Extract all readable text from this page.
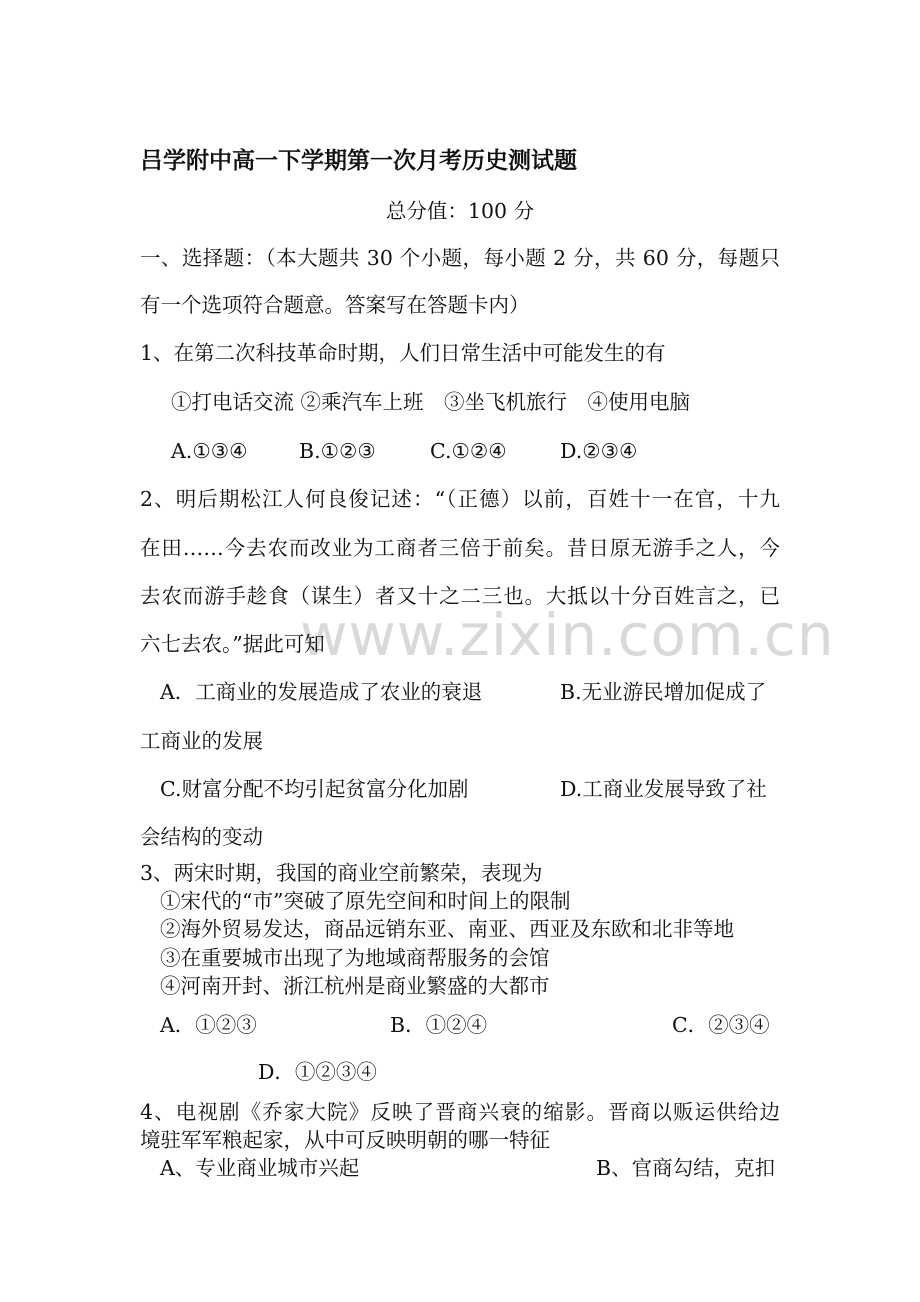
www.zixin.com.cn
吕学附中高一下学期第一次月考历史测试题
总分值：100 分
一、选择题：（本大题共 30 个小题，每小题 2 分，共 60 分，每题只
有一个选项符合题意。答案写在答题卡内）
1、在第二次科技革命时期，人们日常生活中可能发生的有
①打电话交流 ②乘汽车上班　③坐飞机旅行　④使用电脑
A.①③④	B.①②③	C.①②④	D.②③④
2、明后期松江人何良俊记述：“（正德）以前，百姓十一在官，十九
在田……今去农而改业为工商者三倍于前矣。昔日原无游手之人，今
去农而游手趁食（谋生）者又十之二三也。大抵以十分百姓言之，已
六七去农。”据此可知
A．工商业的发展造成了农业的衰退	B.无业游民增加促成了
工商业的发展
C.财富分配不均引起贫富分化加剧	D.工商业发展导致了社
会结构的变动
3、两宋时期，我国的商业空前繁荣，表现为
①宋代的“市”突破了原先空间和时间上的限制
②海外贸易发达，商品远销东亚、南亚、西亚及东欧和北非等地
③在重要城市出现了为地域商帮服务的会馆
④河南开封、浙江杭州是商业繁盛的大都市
A．①②③	B．①②④	C．②③④
D．①②③④
4、电视剧《乔家大院》反映了晋商兴衰的缩影。晋商以贩运供给边
境驻军军粮起家，从中可反映明朝的哪一特征
A、专业商业城市兴起	B、官商勾结，克扣
